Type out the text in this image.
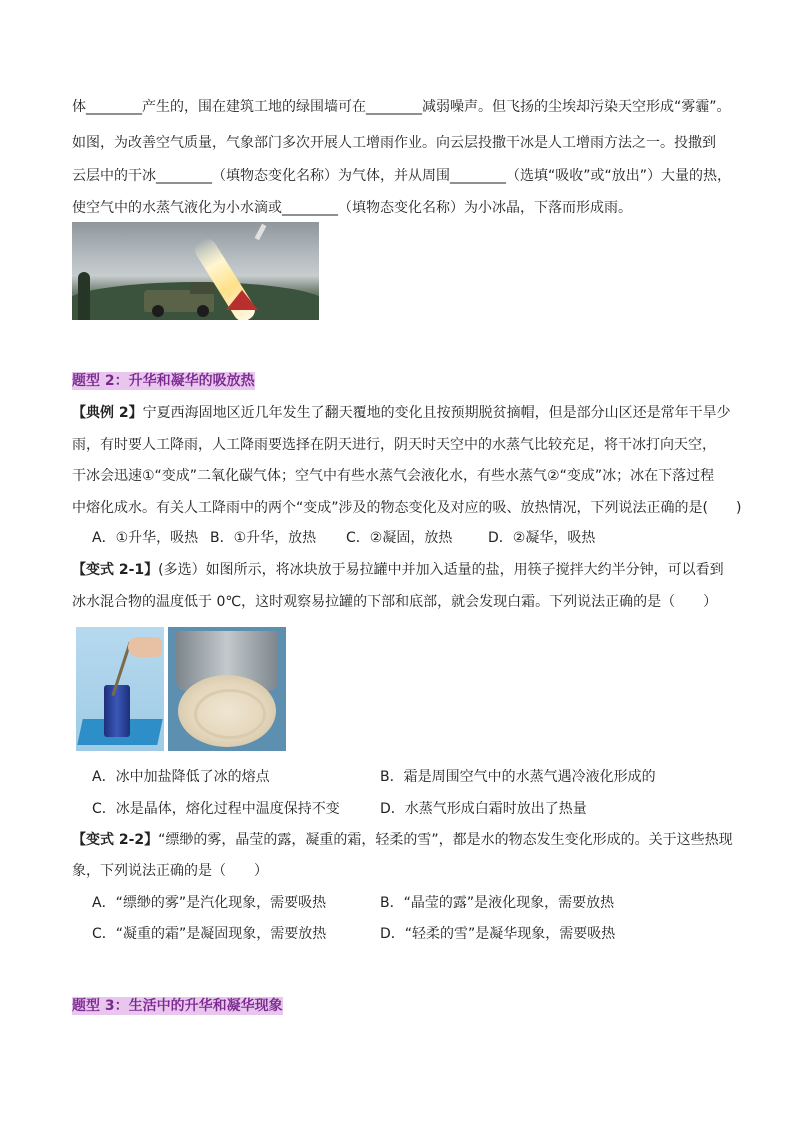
体________产生的，围在建筑工地的绿围墙可在________减弱噪声。但飞扬的尘埃却污染天空形成“雾霾”。
如图，为改善空气质量，气象部门多次开展人工增雨作业。向云层投撒干冰是人工增雨方法之一。投撒到
云层中的干冰________（填物态变化名称）为气体，并从周围________（选填“吸收”或“放出”）大量的热，
使空气中的水蒸气液化为小水滴或________（填物态变化名称）为小冰晶，下落而形成雨。
题型 2：升华和凝华的吸放热
【典例 2】宁夏西海固地区近几年发生了翻天覆地的变化且按预期脱贫摘帽，但是部分山区还是常年干旱少
雨，有时要人工降雨，人工降雨要选择在阴天进行，阴天时天空中的水蒸气比较充足，将干冰打向天空，
干冰会迅速①“变成”二氧化碳气体；空气中有些水蒸气会液化水，有些水蒸气②“变成”冰；冰在下落过程
中熔化成水。有关人工降雨中的两个“变成”涉及的物态变化及对应的吸、放热情况，下列说法正确的是(　　)
A．①升华，吸热 B．①升华，放热 C．②凝固，放热	D．②凝华，吸热
【变式 2-1】(多选）如图所示，将冰块放于易拉罐中并加入适量的盐，用筷子搅拌大约半分钟，可以看到
冰水混合物的温度低于 0℃，这时观察易拉罐的下部和底部，就会发现白霜。下列说法正确的是（　　）
A．冰中加盐降低了冰的熔点	B．霜是周围空气中的水蒸气遇冷液化形成的
C．冰是晶体，熔化过程中温度保持不变	D．水蒸气形成白霜时放出了热量
【变式 2-2】“缥缈的雾，晶莹的露，凝重的霜，轻柔的雪”，都是水的物态发生变化形成的。关于这些热现
象，下列说法正确的是（　　）
A．“缥缈的雾”是汽化现象，需要吸热	B．“晶莹的露”是液化现象，需要放热
C．“凝重的霜”是凝固现象，需要放热	D．“轻柔的雪”是凝华现象，需要吸热
题型 3：生活中的升华和凝华现象
